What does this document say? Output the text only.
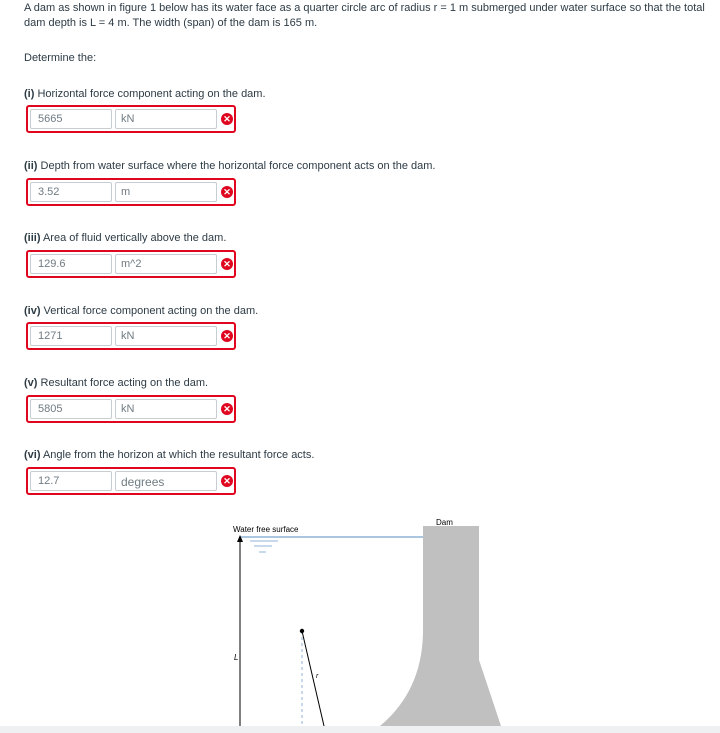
A dam as shown in figure 1 below has its water face as a quarter circle arc of radius r = 1 m submerged under water surface so that the total dam depth is L = 4 m. The width (span) of the dam is 165 m.
Determine the:
(i) Horizontal force component acting on the dam.
5665	kN	✕
(ii) Depth from water surface where the horizontal force component acts on the dam.
3.52	m	✕
(iii) Area of fluid vertically above the dam.
129.6	m^2	✕
(iv) Vertical force component acting on the dam.
1271	kN	✕
(v) Resultant force acting on the dam.
5805	kN	✕
(vi) Angle from the horizon at which the resultant force acts.
12.7	degrees	✕
Dam
Water free surface
L
r
